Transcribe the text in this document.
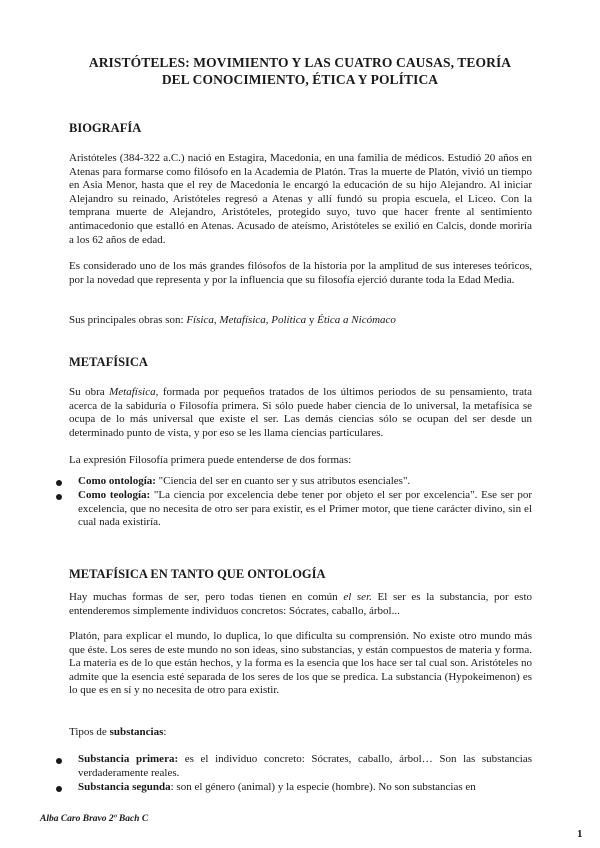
ARISTÓTELES: MOVIMIENTO Y LAS CUATRO CAUSAS, TEORÍA
DEL CONOCIMIENTO, ÉTICA Y POLÍTICA
BIOGRAFÍA

Aristóteles (384-322 a.C.) nació en Estagira, Macedonia, en una familia de médicos. Estudió 20 años en Atenas para formarse como filósofo en la Academia de Platón. Tras la muerte de Platón, vivió un tiempo en Asia Menor, hasta que el rey de Macedonia le encargó la educación de su hijo Alejandro. Al iniciar Alejandro su reinado, Aristóteles regresó a Atenas y allí fundó su propia escuela, el Liceo. Con la temprana muerte de Alejandro, Aristóteles, protegido suyo, tuvo que hacer frente al sentimiento antimacedonio que estalló en Atenas. Acusado de ateísmo, Aristóteles se exilió en Calcis, donde moriría a los 62 años de edad.

Es considerado uno de los más grandes filósofos de la historia por la amplitud de sus intereses teóricos, por la novedad que representa y por la influencia que su filosofía ejerció durante toda la Edad Media.

Sus principales obras son: Física, Metafísica, Política y Ética a Nicómaco

METAFÍSICA

Su obra Metafísica, formada por pequeños tratados de los últimos periodos de su pensamiento, trata acerca de la sabiduría o Filosofía primera. Si sólo puede haber ciencia de lo universal, la metafísica se ocupa de lo más universal que existe el ser. Las demás ciencias sólo se ocupan del ser desde un determinado punto de vista, y por eso se les llama ciencias particulares.

La expresión Filosofía primera puede entenderse de dos formas:

Como ontología: "Ciencia del ser en cuanto ser y sus atributos esenciales".

Como teología: "La ciencia por excelencia debe tener por objeto el ser por excelencia". Ese ser por excelencia, que no necesita de otro ser para existir, es el Primer motor, que tiene carácter divino, sin el cual nada existiría.

METAFÍSICA EN TANTO QUE ONTOLOGÍA

Hay muchas formas de ser, pero todas tienen en común el ser. El ser es la substancia, por esto entenderemos simplemente individuos concretos: Sócrates, caballo, árbol...

Platón, para explicar el mundo, lo duplica, lo que dificulta su comprensión. No existe otro mundo más que éste. Los seres de este mundo no son ideas, sino substancias, y están compuestos de materia y forma. La materia es de lo que están hechos, y la forma es la esencia que los hace ser tal cual son. Aristóteles no admite que la esencia esté separada de los seres de los que se predica. La substancia (Hypokeimenon) es lo que es en sí y no necesita de otro para existir.

Tipos de substancias:

Substancia primera: es el individuo concreto: Sócrates, caballo, árbol… Son las substancias verdaderamente reales.

Substancia segunda: son el género (animal) y la especie (hombre). No son substancias en

Alba Caro Bravo 2º Bach C
1
